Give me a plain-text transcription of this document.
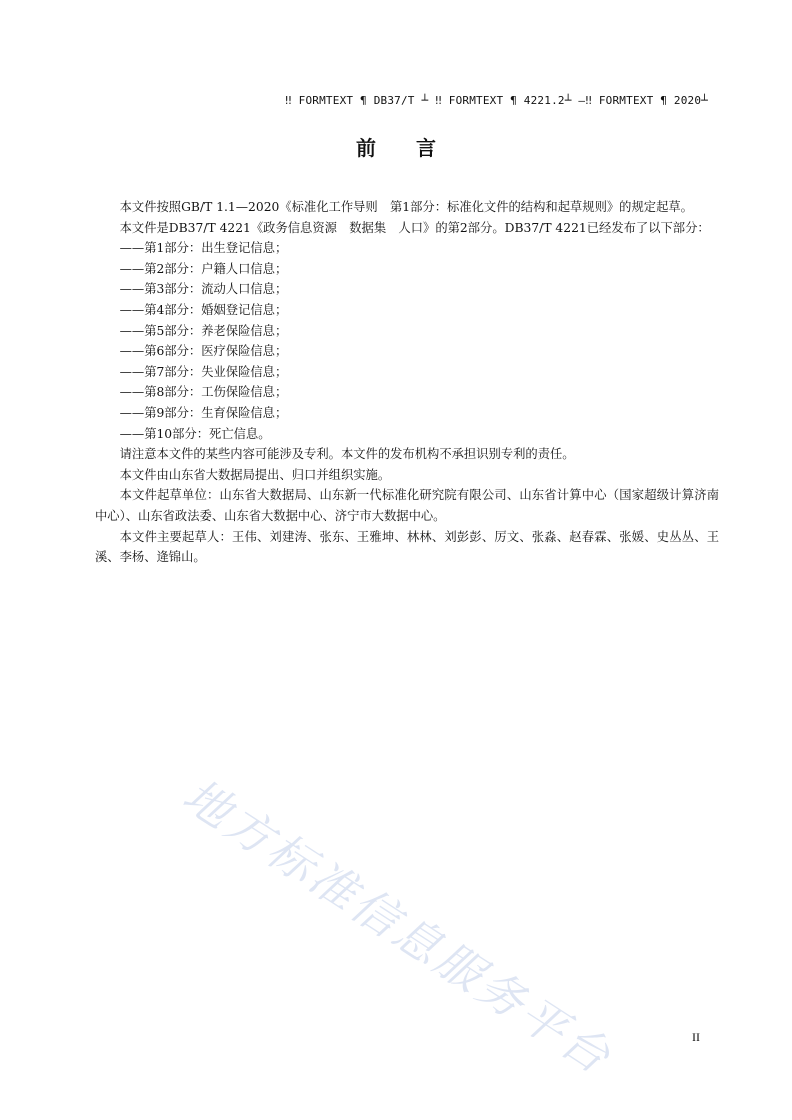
‼ FORMTEXT ¶ DB37/T ┴ ‼ FORMTEXT ¶ 4221.2┴ —‼ FORMTEXT ¶ 2020┴
前　　言

本文件按照GB/T 1.1—2020《标准化工作导则　第1部分：标准化文件的结构和起草规则》的规定起草。

本文件是DB37/T 4221《政务信息资源　数据集　人口》的第2部分。DB37/T 4221已经发布了以下部分：

——第1部分：出生登记信息；

——第2部分：户籍人口信息；

——第3部分：流动人口信息；

——第4部分：婚姻登记信息；

——第5部分：养老保险信息；

——第6部分：医疗保险信息；

——第7部分：失业保险信息；

——第8部分：工伤保险信息；

——第9部分：生育保险信息；

——第10部分：死亡信息。

请注意本文件的某些内容可能涉及专利。本文件的发布机构不承担识别专利的责任。

本文件由山东省大数据局提出、归口并组织实施。

本文件起草单位：山东省大数据局、山东新一代标准化研究院有限公司、山东省计算中心（国家超级计算济南中心）、山东省政法委、山东省大数据中心、济宁市大数据中心。

本文件主要起草人：王伟、刘建涛、张东、王雅坤、林林、刘彭彭、厉文、张淼、赵春霖、张媛、史丛丛、王溪、李杨、逄锦山。

地方标准信息服务平台	II
